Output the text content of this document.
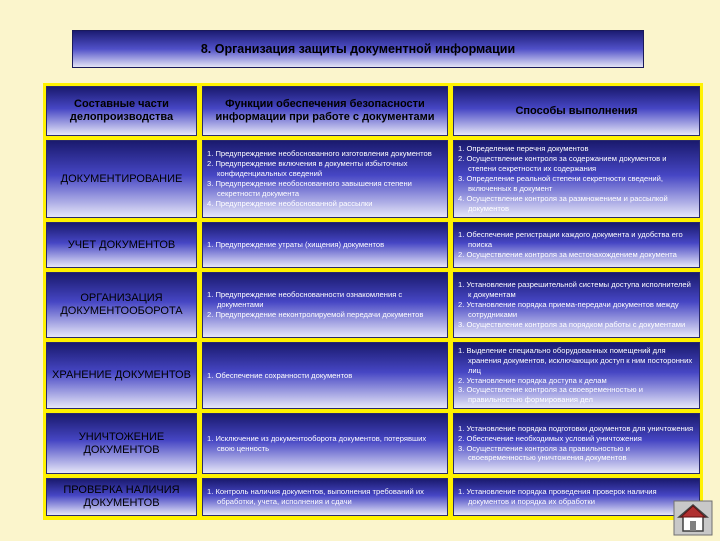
8. Организация защиты документной информации
Составные части делопроизводства
Функции обеспечения безопасности информации при работе с документами
Способы выполнения
ДОКУМЕНТИРОВАНИЕ
1. Предупреждение необоснованного изготовления документов
2. Предупреждение включения в документы избыточных конфиденциальных сведений
3. Предупреждение необоснованного завышения степени секретности документа
4. Предупреждение необоснованной рассылки
1. Определение перечня документов
2. Осуществление контроля за содержанием документов и степени секретности их содержания
3. Определение реальной степени секретности сведений, включенных в документ
4. Осуществление контроля за размножением и рассылкой документов
УЧЕТ ДОКУМЕНТОВ	1. Предупреждение утраты (хищения) документов
1. Обеспечение регистрации каждого документа и удобства его поиска
2. Осуществление контроля за местонахождением документа
ОРГАНИЗАЦИЯ ДОКУМЕНТООБОРОТА
1. Предупреждение необоснованности ознакомления с документами
2. Предупреждение неконтролируемой передачи документов
1. Установление разрешительной системы доступа исполнителей к документам
2. Установление порядка приема-передачи документов между сотрудниками
3. Осуществление контроля за порядком работы с документами
ХРАНЕНИЕ ДОКУМЕНТОВ 1. Обеспечение сохранности документов
1. Выделение специально оборудованных помещений для хранения документов, исключающих доступ к ним посторонних лиц
2. Установление порядка доступа к делам
3. Осуществление контроля за своевременностью и правильностью формирования дел
УНИЧТОЖЕНИЕ ДОКУМЕНТОВ
1. Исключение из документооборота документов, потерявших свою ценность
1. Установление порядка подготовки документов для уничтожения
2. Обеспечение необходимых условий уничтожения
3. Осуществление контроля за правильностью и своевременностью уничтожения документов
ПРОВЕРКА НАЛИЧИЯ ДОКУМЕНТОВ
1. Контроль наличия документов, выполнения требований их обработки, учета, исполнения и сдачи
1. Установление порядка проведения проверок наличия документов и порядка их обработки
